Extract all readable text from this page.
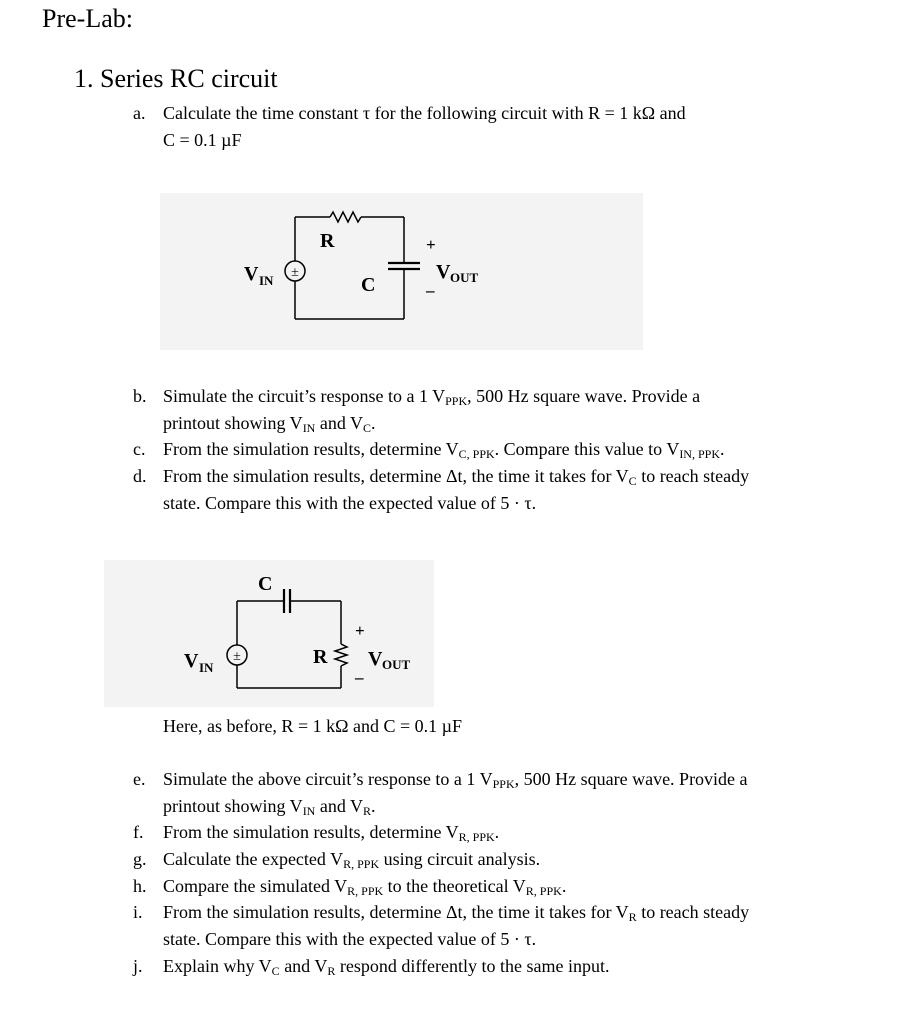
Pre-Lab:
1. Series RC circuit
a. Calculate the time constant τ for the following circuit with R = 1 kΩ and
C = 0.1 µF
±
R
C
V IN
+
–
V OUT
b. Simulate the circuit’s response to a 1 $V_{PPK}$, 500 Hz square wave. Provide a
printout showing $V_{IN}$ and $V_C$.
c. From the simulation results, determine $V_{C, PPK}$. Compare this value to $V_{IN, PPK}$.
d. From the simulation results, determine Δt, the time it takes for $V_C$ to reach steady
state. Compare this with the expected value of 5 · τ.
±
C
R
V IN
+
–
V OUT
Here, as before, R = 1 kΩ and C = 0.1 µF
e. Simulate the above circuit’s response to a 1 $V_{PPK}$, 500 Hz square wave. Provide a
printout showing $V_{IN}$ and $V_R$.
f.	From the simulation results, determine $V_{R, PPK}$.
g. Calculate the expected $V_{R, PPK}$ using circuit analysis.
h. Compare the simulated $V_{R, PPK}$ to the theoretical $V_{R, PPK}$.
i.	From the simulation results, determine Δt, the time it takes for $V_R$ to reach steady
state. Compare this with the expected value of 5 · τ.
j.	Explain why $V_C$ and $V_R$ respond differently to the same input.
